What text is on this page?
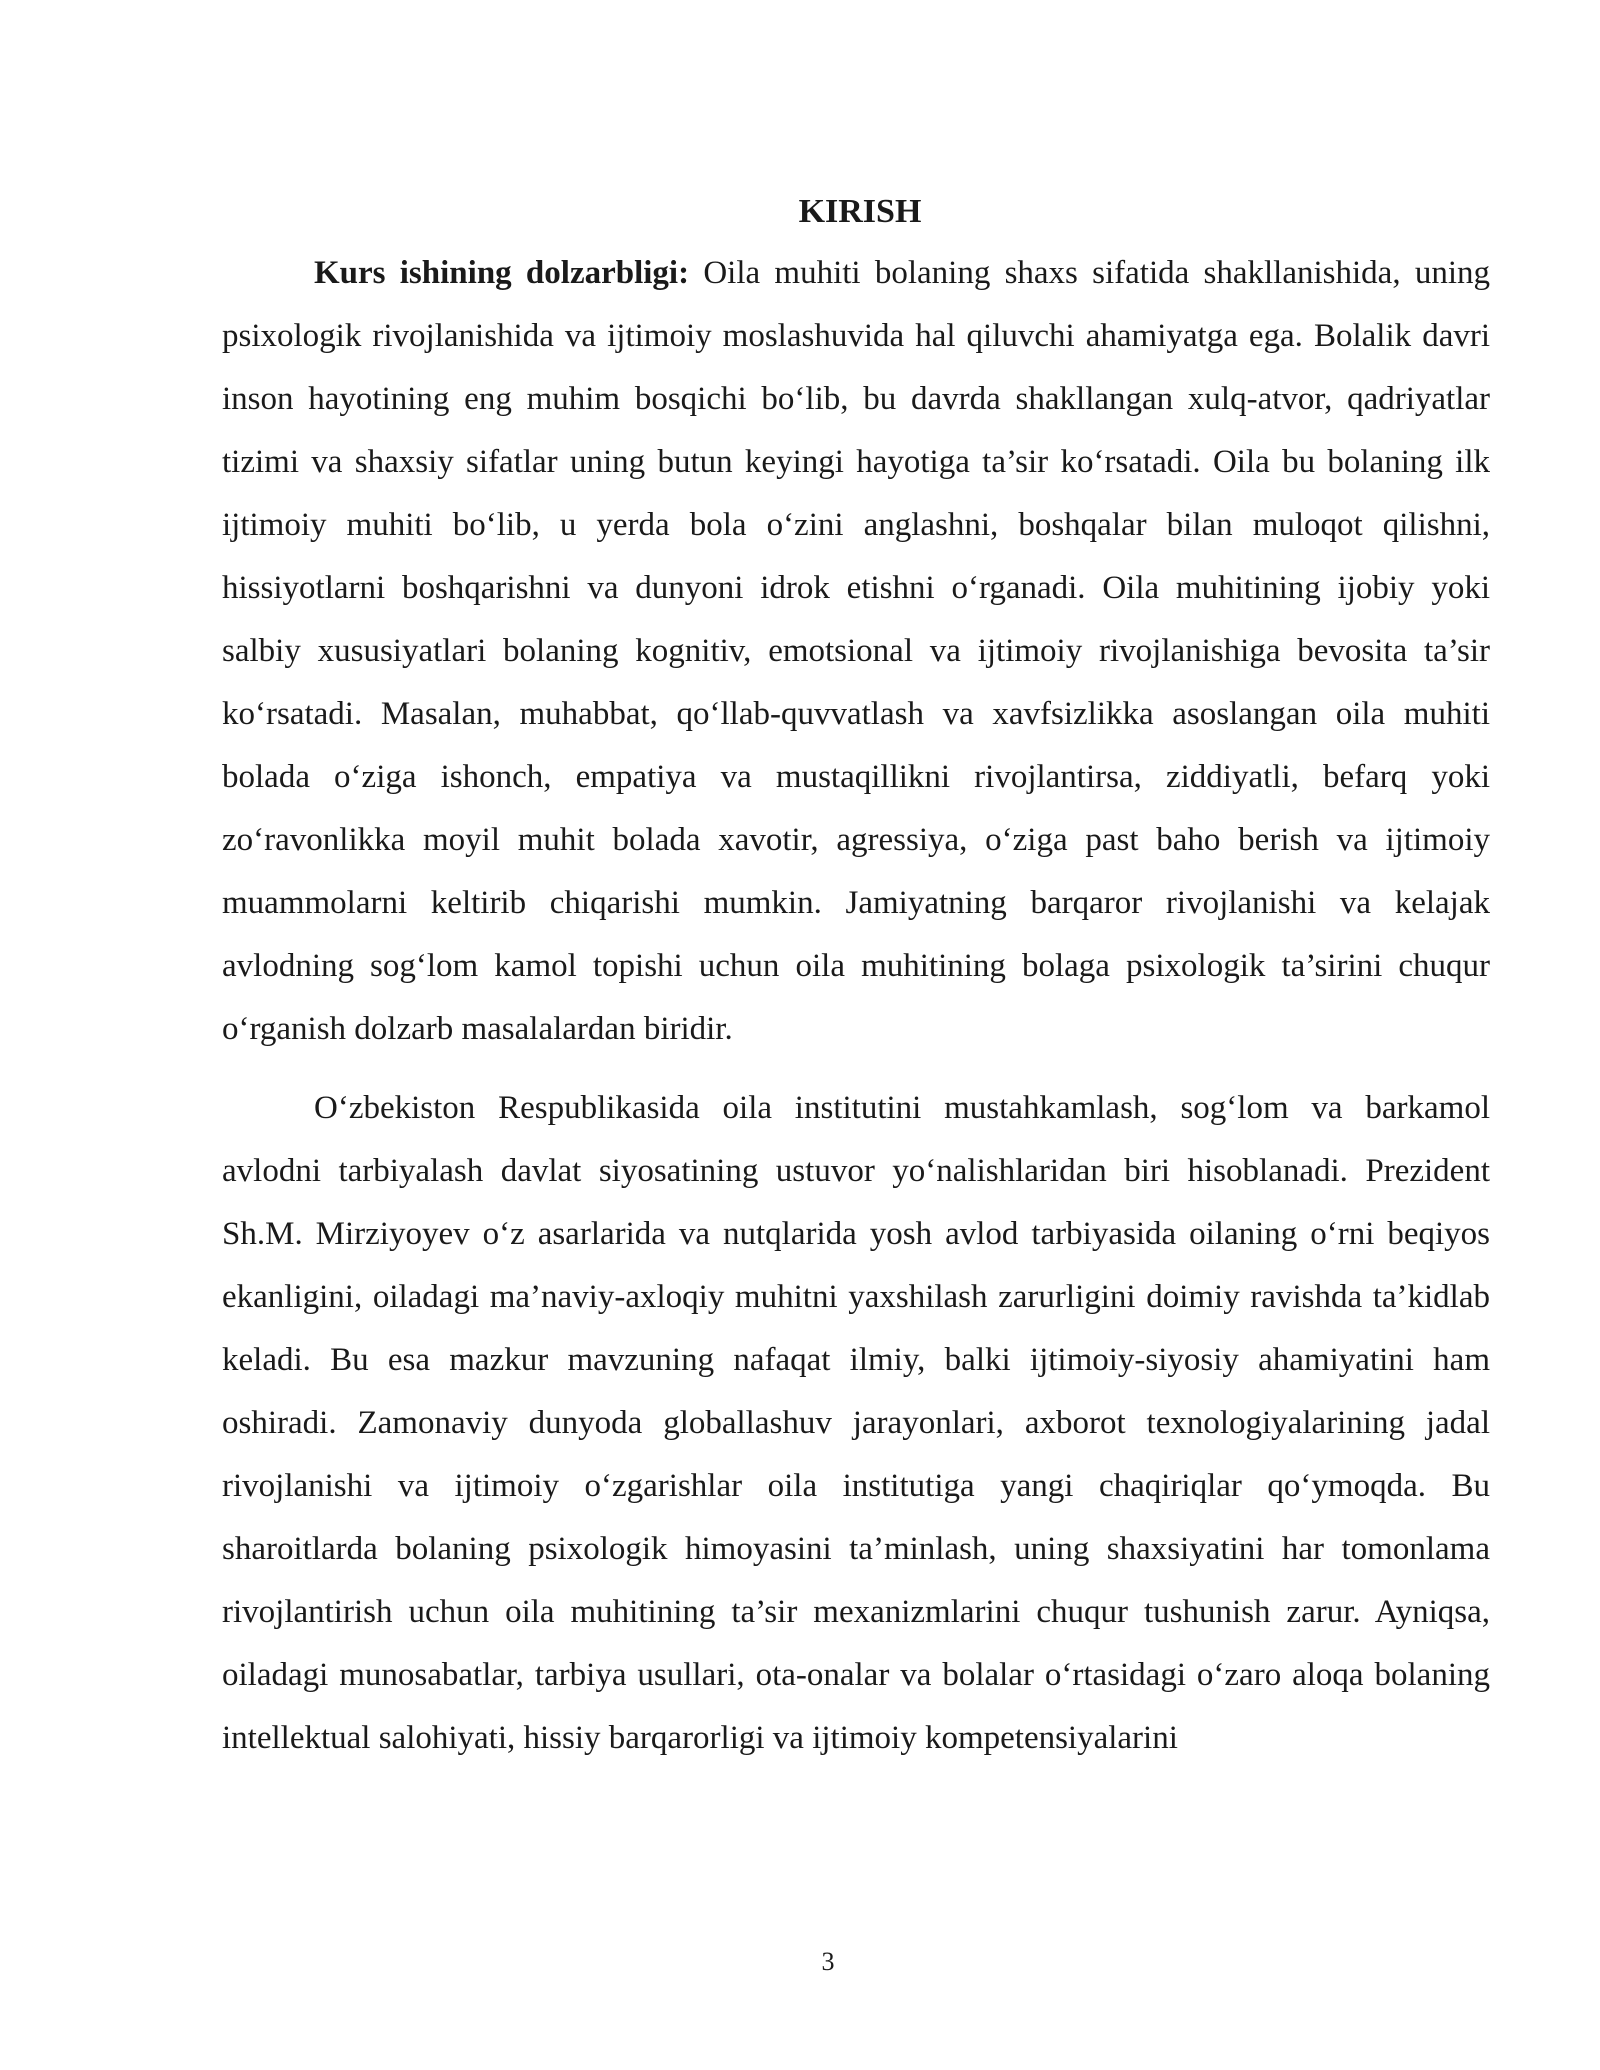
KIRISH

Kurs ishining dolzarbligi: Oila muhiti bolaning shaxs sifatida shakllanishida, uning psixologik rivojlanishida va ijtimoiy moslashuvida hal qiluvchi ahamiyatga ega. Bolalik davri inson hayotining eng muhim bosqichi bo‘lib, bu davrda shakllangan xulq-atvor, qadriyatlar tizimi va shaxsiy sifatlar uning butun keyingi hayotiga ta’sir ko‘rsatadi. Oila bu bolaning ilk ijtimoiy muhiti bo‘lib, u yerda bola o‘zini anglashni, boshqalar bilan muloqot qilishni, hissiyotlarni boshqarishni va dunyoni idrok etishni o‘rganadi. Oila muhitining ijobiy yoki salbiy xususiyatlari bolaning kognitiv, emotsional va ijtimoiy rivojlanishiga bevosita ta’sir ko‘rsatadi. Masalan, muhabbat, qo‘llab-quvvatlash va xavfsizlikka asoslangan oila muhiti bolada o‘ziga ishonch, empatiya va mustaqillikni rivojlantirsa, ziddiyatli, befarq yoki zo‘ravonlikka moyil muhit bolada xavotir, agressiya, o‘ziga past baho berish va ijtimoiy muammolarni keltirib chiqarishi mumkin. Jamiyatning barqaror rivojlanishi va kelajak avlodning sog‘lom kamol topishi uchun oila muhitining bolaga psixologik ta’sirini chuqur o‘rganish dolzarb masalalardan biridir.

O‘zbekiston Respublikasida oila institutini mustahkamlash, sog‘lom va barkamol avlodni tarbiyalash davlat siyosatining ustuvor yo‘nalishlaridan biri hisoblanadi. Prezident Sh.M. Mirziyoyev o‘z asarlarida va nutqlarida yosh avlod tarbiyasida oilaning o‘rni beqiyos ekanligini, oiladagi ma’naviy-axloqiy muhitni yaxshilash zarurligini doimiy ravishda ta’kidlab keladi. Bu esa mazkur mavzuning nafaqat ilmiy, balki ijtimoiy-siyosiy ahamiyatini ham oshiradi. Zamonaviy dunyoda globallashuv jarayonlari, axborot texnologiyalarining jadal rivojlanishi va ijtimoiy o‘zgarishlar oila institutiga yangi chaqiriqlar qo‘ymoqda. Bu sharoitlarda bolaning psixologik himoyasini ta’minlash, uning shaxsiyatini har tomonlama rivojlantirish uchun oila muhitining ta’sir mexanizmlarini chuqur tushunish zarur. Ayniqsa, oiladagi munosabatlar, tarbiya usullari, ota-onalar va bolalar o‘rtasidagi o‘zaro aloqa bolaning intellektual salohiyati, hissiy barqarorligi va ijtimoiy kompetensiyalarini

3
